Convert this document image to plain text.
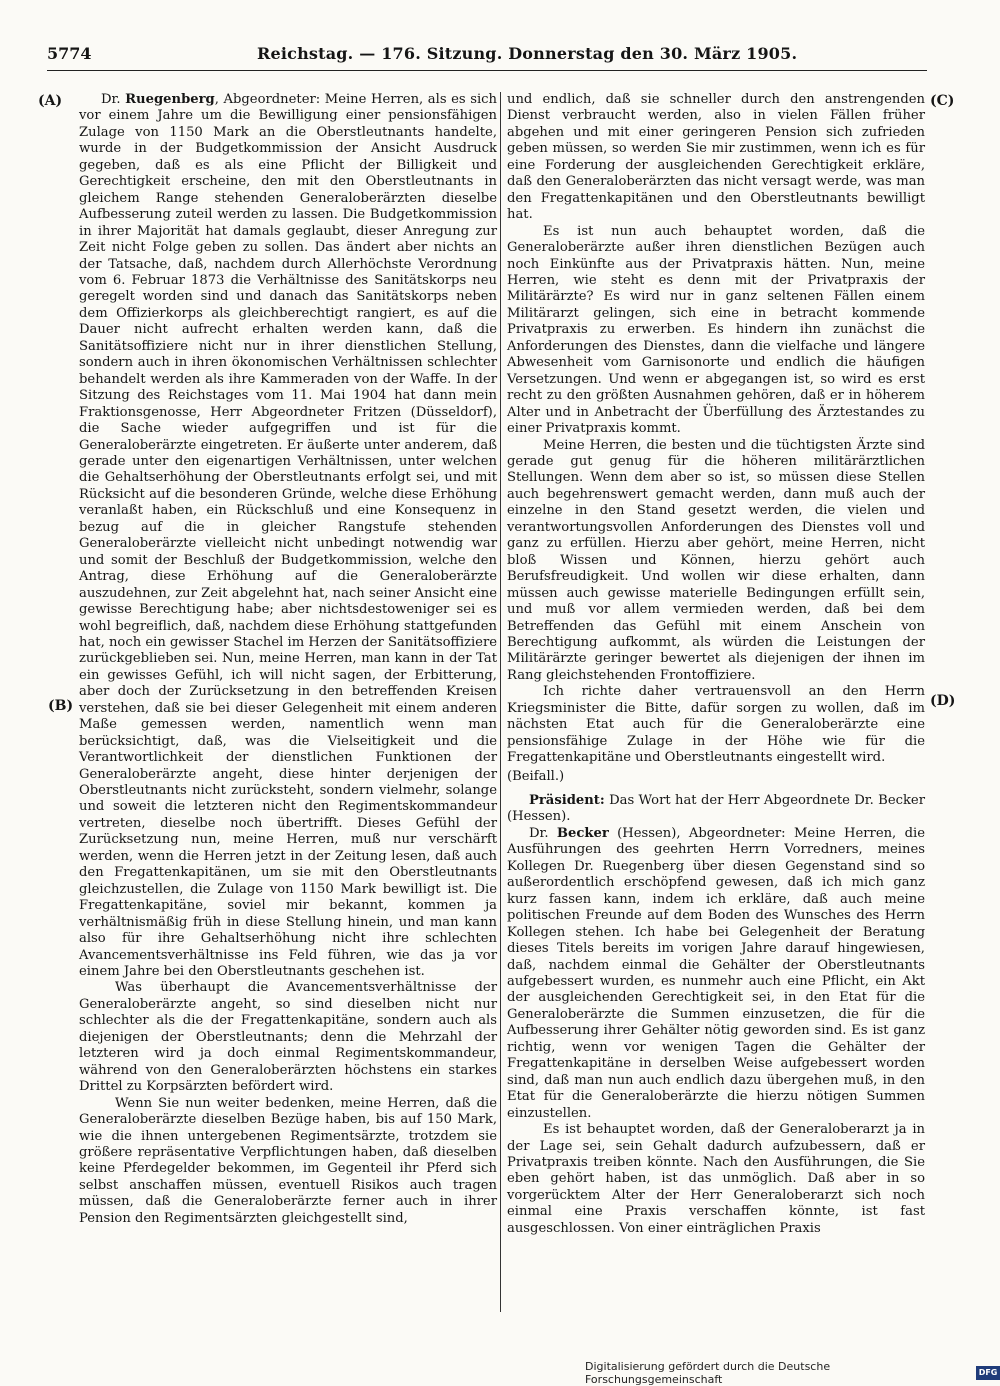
5774	Reichstag. — 176. Sitzung. Donnerstag den 30. März 1905.
(A)
(B)
(C)
(D)

Dr. Ruegenberg, Abgeordneter: Meine Herren, als es sich vor einem Jahre um die Bewilligung einer pensionsfähigen Zulage von 1150 Mark an die Oberstleutnants handelte, wurde in der Budgetkommission der Ansicht Ausdruck gegeben, daß es als eine Pflicht der Billigkeit und Gerechtigkeit erscheine, den mit den Oberstleutnants in gleichem Range stehenden Generaloberärzten dieselbe Aufbesserung zuteil werden zu lassen. Die Budgetkommission in ihrer Majorität hat damals geglaubt, dieser Anregung zur Zeit nicht Folge geben zu sollen. Das ändert aber nichts an der Tatsache, daß, nachdem durch Allerhöchste Verordnung vom 6. Februar 1873 die Verhältnisse des Sanitätskorps neu geregelt worden sind und danach das Sanitätskorps neben dem Offizierkorps als gleichberechtigt rangiert, es auf die Dauer nicht aufrecht erhalten werden kann, daß die Sanitätsoffiziere nicht nur in ihrer dienstlichen Stellung, sondern auch in ihren ökonomischen Verhältnissen schlechter behandelt werden als ihre Kammeraden von der Waffe. In der Sitzung des Reichstages vom 11. Mai 1904 hat dann mein Fraktionsgenosse, Herr Abgeordneter Fritzen (Düsseldorf), die Sache wieder aufgegriffen und ist für die Generaloberärzte eingetreten. Er äußerte unter anderem, daß gerade unter den eigenartigen Verhältnissen, unter welchen die Gehaltserhöhung der Oberstleutnants erfolgt sei, und mit Rücksicht auf die besonderen Gründe, welche diese Erhöhung veranlaßt haben, ein Rückschluß und eine Konsequenz in bezug auf die in gleicher Rangstufe stehenden Generaloberärzte vielleicht nicht unbedingt notwendig war und somit der Beschluß der Budgetkommission, welche den Antrag, diese Erhöhung auf die Generaloberärzte auszudehnen, zur Zeit abgelehnt hat, nach seiner Ansicht eine gewisse Berechtigung habe; aber nichtsdestoweniger sei es wohl begreiflich, daß, nachdem diese Erhöhung stattgefunden hat, noch ein gewisser Stachel im Herzen der Sanitätsoffiziere zurückgeblieben sei. Nun, meine Herren, man kann in der Tat ein gewisses Gefühl, ich will nicht sagen, der Erbitterung, aber doch der Zurücksetzung in den betreffenden Kreisen verstehen, daß sie bei dieser Gelegenheit mit einem anderen Maße gemessen werden, namentlich wenn man berücksichtigt, daß, was die Vielseitigkeit und die Verantwortlichkeit der dienstlichen Funktionen der Generaloberärzte angeht, diese hinter derjenigen der Oberstleutnants nicht zurücksteht, sondern vielmehr, solange und soweit die letzteren nicht den Regimentskommandeur vertreten, dieselbe noch übertrifft. Dieses Gefühl der Zurücksetzung nun, meine Herren, muß nur verschärft werden, wenn die Herren jetzt in der Zeitung lesen, daß auch den Fregattenkapitänen, um sie mit den Oberstleutnants gleichzustellen, die Zulage von 1150 Mark bewilligt ist. Die Fregattenkapitäne, soviel mir bekannt, kommen ja verhältnismäßig früh in diese Stellung hinein, und man kann also für ihre Gehaltserhöhung nicht ihre schlechten Avancementsverhältnisse ins Feld führen, wie das ja vor einem Jahre bei den Oberstleutnants geschehen ist.

Was überhaupt die Avancementsverhältnisse der Generaloberärzte angeht, so sind dieselben nicht nur schlechter als die der Fregattenkapitäne, sondern auch als diejenigen der Oberstleutnants; denn die Mehrzahl der letzteren wird ja doch einmal Regimentskommandeur, während von den Generaloberärzten höchstens ein starkes Drittel zu Korpsärzten befördert wird.

Wenn Sie nun weiter bedenken, meine Herren, daß die Generaloberärzte dieselben Bezüge haben, bis auf 150 Mark, wie die ihnen untergebenen Regimentsärzte, trotzdem sie größere repräsentative Verpflichtungen haben, daß dieselben keine Pferdegelder bekommen, im Gegenteil ihr Pferd sich selbst anschaffen müssen, eventuell Risikos auch tragen müssen, daß die Generaloberärzte ferner auch in ihrer Pension den Regimentsärzten gleichgestellt sind,

und endlich, daß sie schneller durch den anstrengenden Dienst verbraucht werden, also in vielen Fällen früher abgehen und mit einer geringeren Pension sich zufrieden geben müssen, so werden Sie mir zustimmen, wenn ich es für eine Forderung der ausgleichenden Gerechtigkeit erkläre, daß den Generaloberärzten das nicht versagt werde, was man den Fregattenkapitänen und den Oberstleutnants bewilligt hat.

Es ist nun auch behauptet worden, daß die Generaloberärzte außer ihren dienstlichen Bezügen auch noch Einkünfte aus der Privatpraxis hätten. Nun, meine Herren, wie steht es denn mit der Privatpraxis der Militärärzte? Es wird nur in ganz seltenen Fällen einem Militärarzt gelingen, sich eine in betracht kommende Privatpraxis zu erwerben. Es hindern ihn zunächst die Anforderungen des Dienstes, dann die vielfache und längere Abwesenheit vom Garnisonorte und endlich die häufigen Versetzungen. Und wenn er abgegangen ist, so wird es erst recht zu den größten Ausnahmen gehören, daß er in höherem Alter und in Anbetracht der Überfüllung des Ärztestandes zu einer Privatpraxis kommt.

Meine Herren, die besten und die tüchtigsten Ärzte sind gerade gut genug für die höheren militärärztlichen Stellungen. Wenn dem aber so ist, so müssen diese Stellen auch begehrenswert gemacht werden, dann muß auch der einzelne in den Stand gesetzt werden, die vielen und verantwortungsvollen Anforderungen des Dienstes voll und ganz zu erfüllen. Hierzu aber gehört, meine Herren, nicht bloß Wissen und Können, hierzu gehört auch Berufsfreudigkeit. Und wollen wir diese erhalten, dann müssen auch gewisse materielle Bedingungen erfüllt sein, und muß vor allem vermieden werden, daß bei dem Betreffenden das Gefühl mit einem Anschein von Berechtigung aufkommt, als würden die Leistungen der Militärärzte geringer bewertet als diejenigen der ihnen im Rang gleichstehenden Frontoffiziere.

Ich richte daher vertrauensvoll an den Herrn Kriegsminister die Bitte, dafür sorgen zu wollen, daß im nächsten Etat auch für die Generaloberärzte eine pensionsfähige Zulage in der Höhe wie für die Fregattenkapitäne und Oberstleutnants eingestellt wird.

(Beifall.)

Präsident: Das Wort hat der Herr Abgeordnete Dr. Becker (Hessen).

Dr. Becker (Hessen), Abgeordneter: Meine Herren, die Ausführungen des geehrten Herrn Vorredners, meines Kollegen Dr. Ruegenberg über diesen Gegenstand sind so außerordentlich erschöpfend gewesen, daß ich mich ganz kurz fassen kann, indem ich erkläre, daß auch meine politischen Freunde auf dem Boden des Wunsches des Herrn Kollegen stehen. Ich habe bei Gelegenheit der Beratung dieses Titels bereits im vorigen Jahre darauf hingewiesen, daß, nachdem einmal die Gehälter der Oberstleutnants aufgebessert wurden, es nunmehr auch eine Pflicht, ein Akt der ausgleichenden Gerechtigkeit sei, in den Etat für die Generaloberärzte die Summen einzusetzen, die für die Aufbesserung ihrer Gehälter nötig geworden sind. Es ist ganz richtig, wenn vor wenigen Tagen die Gehälter der Fregattenkapitäne in derselben Weise aufgebessert worden sind, daß man nun auch endlich dazu übergehen muß, in den Etat für die Generaloberärzte die hierzu nötigen Summen einzustellen.

Es ist behauptet worden, daß der Generaloberarzt ja in der Lage sei, sein Gehalt dadurch aufzubessern, daß er Privatpraxis treiben könnte. Nach den Ausführungen, die Sie eben gehört haben, ist das unmöglich. Daß aber in so vorgerücktem Alter der Herr Generaloberarzt sich noch einmal eine Praxis verschaffen könnte, ist fast ausgeschlossen. Von einer einträglichen Praxis

Digitalisierung gefördert durch die Deutsche Forschungsgemeinschaft
DFG
